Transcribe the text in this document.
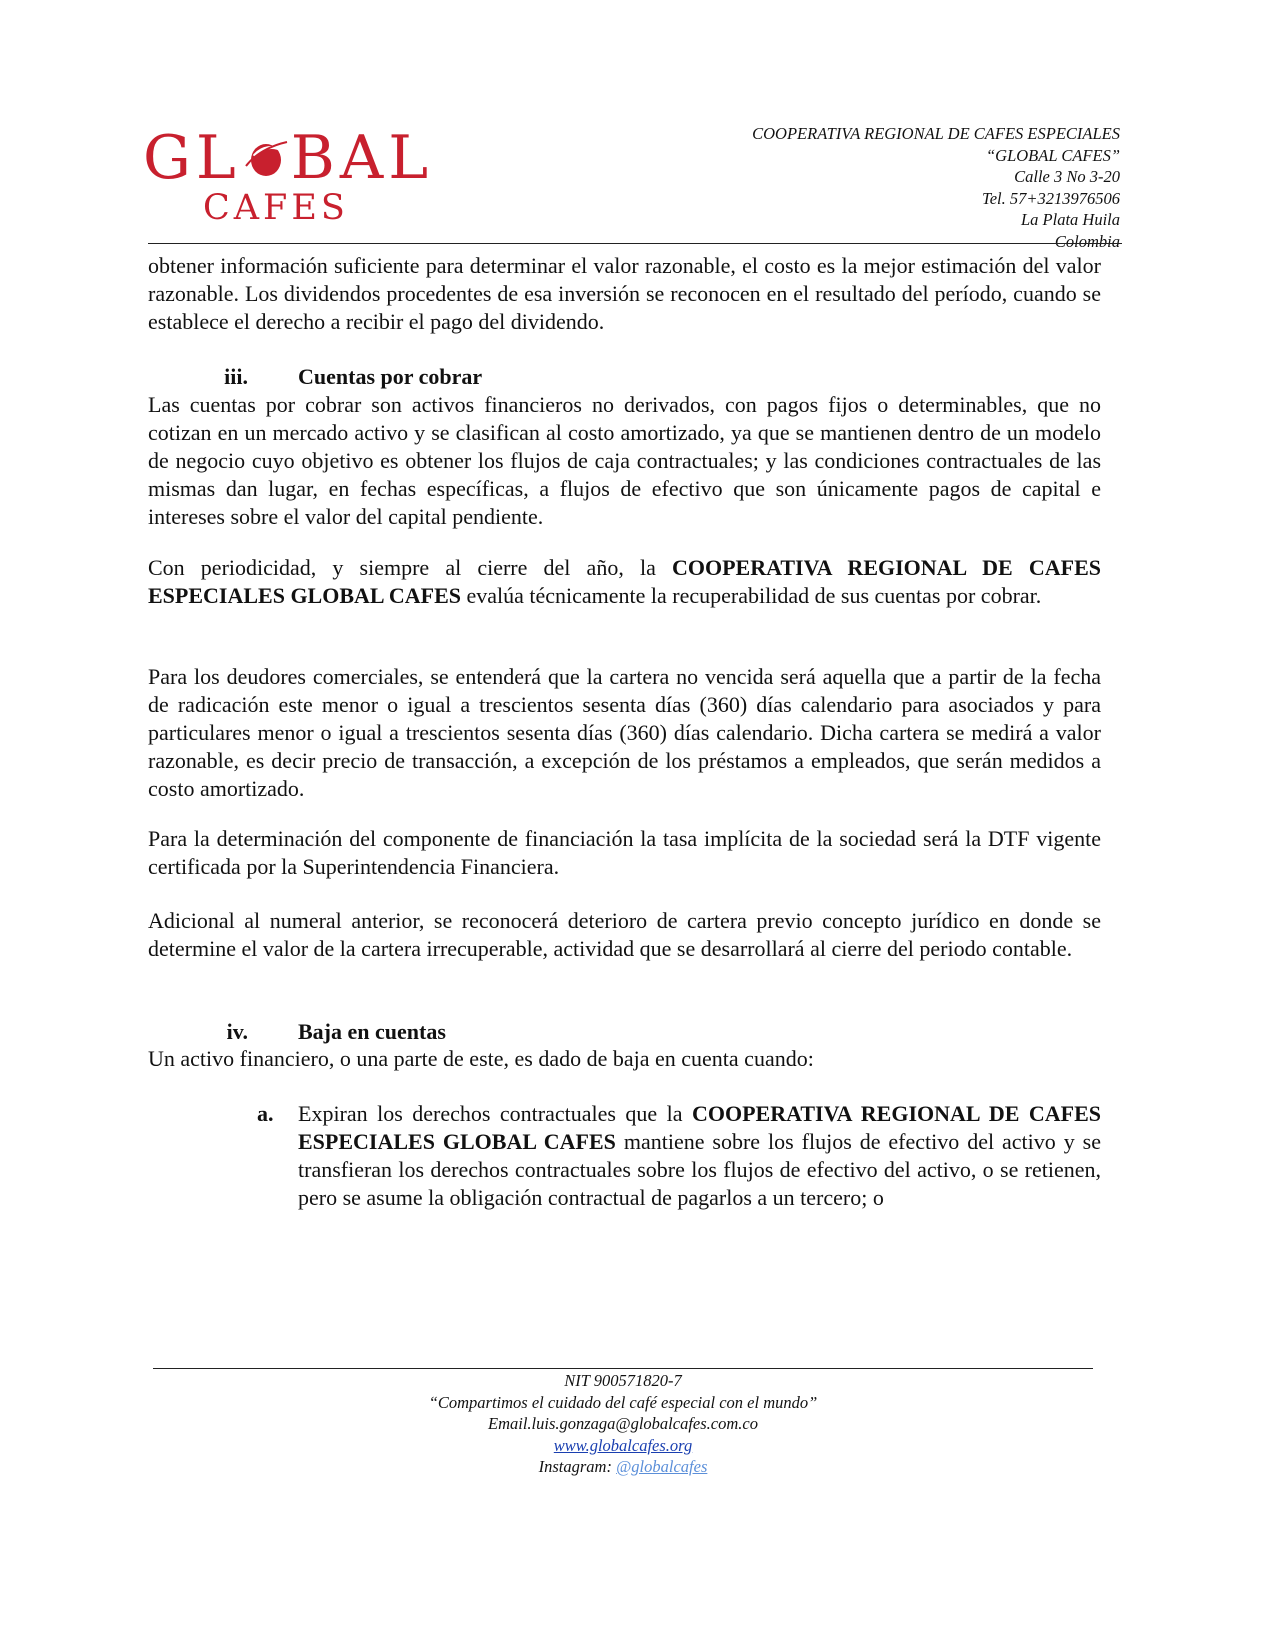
GL BAL
CAFES
COOPERATIVA REGIONAL DE CAFES ESPECIALES
“GLOBAL CAFES”
Calle 3 No 3-20
Tel. 57+3213976506
La Plata Huila
Colombia

obtener información suficiente para determinar el valor razonable, el costo es la mejor estimación del valor razonable. Los dividendos procedentes de esa inversión se reconocen en el resultado del período, cuando se establece el derecho a recibir el pago del dividendo.

iii. Cuentas por cobrar

Las cuentas por cobrar son activos financieros no derivados, con pagos fijos o determinables, que no cotizan en un mercado activo y se clasifican al costo amortizado, ya que se mantienen dentro de un modelo de negocio cuyo objetivo es obtener los flujos de caja contractuales; y las condiciones contractuales de las mismas dan lugar, en fechas específicas, a flujos de efectivo que son únicamente pagos de capital e intereses sobre el valor del capital pendiente.

Con periodicidad, y siempre al cierre del año, la COOPERATIVA REGIONAL DE CAFES ESPECIALES GLOBAL CAFES evalúa técnicamente la recuperabilidad de sus cuentas por cobrar.

Para los deudores comerciales, se entenderá que la cartera no vencida será aquella que a partir de la fecha de radicación este menor o igual a trescientos sesenta días (360) días calendario para asociados y para particulares menor o igual a trescientos sesenta días (360) días calendario. Dicha cartera se medirá a valor razonable, es decir precio de transacción, a excepción de los préstamos a empleados, que serán medidos a costo amortizado.

Para la determinación del componente de financiación la tasa implícita de la sociedad será la DTF vigente certificada por la Superintendencia Financiera.

Adicional al numeral anterior, se reconocerá deterioro de cartera previo concepto jurídico en donde se determine el valor de la cartera irrecuperable, actividad que se desarrollará al cierre del periodo contable.

iv. Baja en cuentas

Un activo financiero, o una parte de este, es dado de baja en cuenta cuando:

a. Expiran los derechos contractuales que la COOPERATIVA REGIONAL DE CAFES ESPECIALES GLOBAL CAFES mantiene sobre los flujos de efectivo del activo y se transfieran los derechos contractuales sobre los flujos de efectivo del activo, o se retienen, pero se asume la obligación contractual de pagarlos a un tercero; o
NIT 900571820-7
“Compartimos el cuidado del café especial con el mundo”
Email.luis.gonzaga@globalcafes.com.co
www.globalcafes.org
Instagram: @globalcafes
